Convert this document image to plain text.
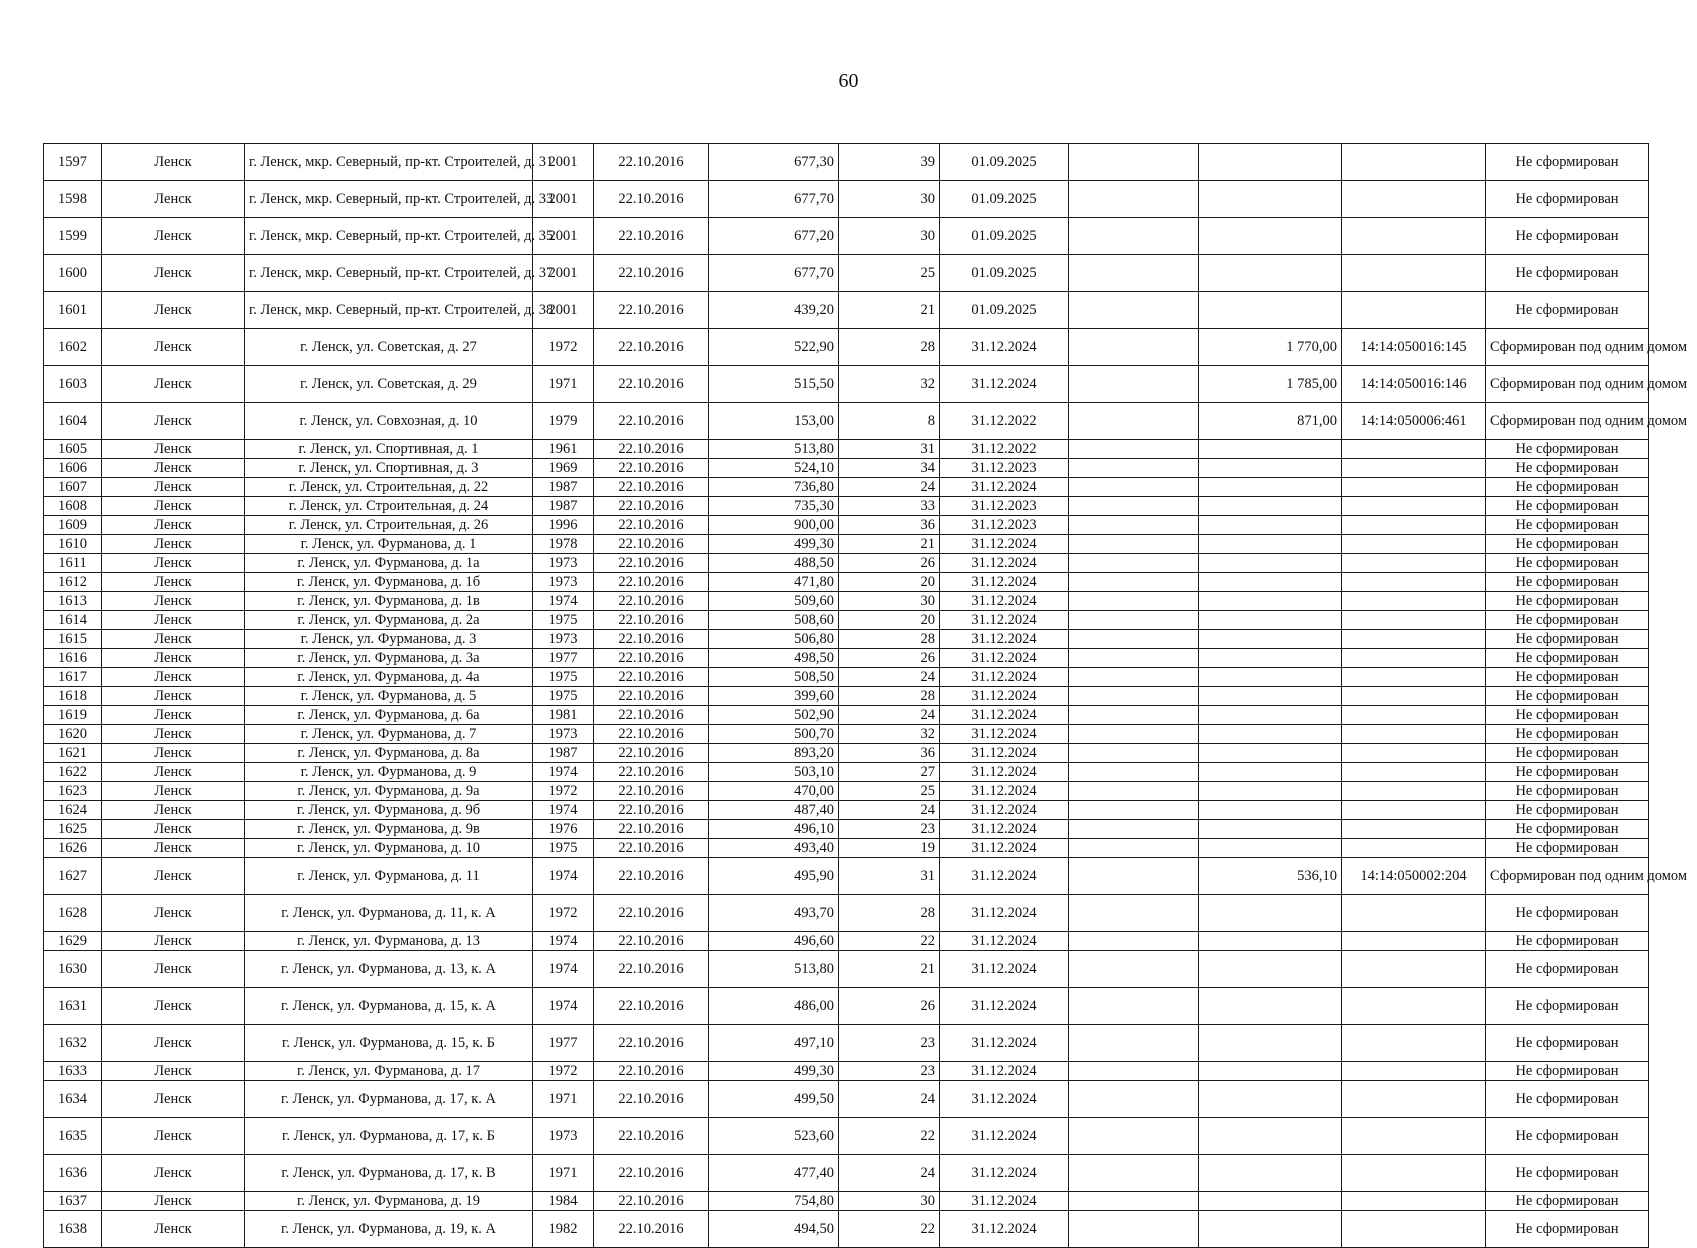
60
1597	Ленск	г. Ленск, мкр. Северный, пр-кт. Строителей, д. 31	2001	22.10.2016	677,30	39	01.09.2025				Не сформирован
1598	Ленск	г. Ленск, мкр. Северный, пр-кт. Строителей, д. 33	2001	22.10.2016	677,70	30	01.09.2025				Не сформирован
1599	Ленск	г. Ленск, мкр. Северный, пр-кт. Строителей, д. 35	2001	22.10.2016	677,20	30	01.09.2025				Не сформирован
1600	Ленск	г. Ленск, мкр. Северный, пр-кт. Строителей, д. 37	2001	22.10.2016	677,70	25	01.09.2025				Не сформирован
1601	Ленск	г. Ленск, мкр. Северный, пр-кт. Строителей, д. 38	2001	22.10.2016	439,20	21	01.09.2025				Не сформирован
1602	Ленск	г. Ленск, ул. Советская, д. 27	1972	22.10.2016	522,90	28	31.12.2024		1 770,00	14:14:050016:145	Сформирован под одним домом
1603	Ленск	г. Ленск, ул. Советская, д. 29	1971	22.10.2016	515,50	32	31.12.2024		1 785,00	14:14:050016:146	Сформирован под одним домом
1604	Ленск	г. Ленск, ул. Совхозная, д. 10	1979	22.10.2016	153,00	8	31.12.2022		871,00	14:14:050006:461	Сформирован под одним домом
1605	Ленск	г. Ленск, ул. Спортивная, д. 1	1961	22.10.2016	513,80	31	31.12.2022				Не сформирован
1606	Ленск	г. Ленск, ул. Спортивная, д. 3	1969	22.10.2016	524,10	34	31.12.2023				Не сформирован
1607	Ленск	г. Ленск, ул. Строительная, д. 22	1987	22.10.2016	736,80	24	31.12.2024				Не сформирован
1608	Ленск	г. Ленск, ул. Строительная, д. 24	1987	22.10.2016	735,30	33	31.12.2023				Не сформирован
1609	Ленск	г. Ленск, ул. Строительная, д. 26	1996	22.10.2016	900,00	36	31.12.2023				Не сформирован
1610	Ленск	г. Ленск, ул. Фурманова, д. 1	1978	22.10.2016	499,30	21	31.12.2024				Не сформирован
1611	Ленск	г. Ленск, ул. Фурманова, д. 1а	1973	22.10.2016	488,50	26	31.12.2024				Не сформирован
1612	Ленск	г. Ленск, ул. Фурманова, д. 1б	1973	22.10.2016	471,80	20	31.12.2024				Не сформирован
1613	Ленск	г. Ленск, ул. Фурманова, д. 1в	1974	22.10.2016	509,60	30	31.12.2024				Не сформирован
1614	Ленск	г. Ленск, ул. Фурманова, д. 2а	1975	22.10.2016	508,60	20	31.12.2024				Не сформирован
1615	Ленск	г. Ленск, ул. Фурманова, д. 3	1973	22.10.2016	506,80	28	31.12.2024				Не сформирован
1616	Ленск	г. Ленск, ул. Фурманова, д. 3а	1977	22.10.2016	498,50	26	31.12.2024				Не сформирован
1617	Ленск	г. Ленск, ул. Фурманова, д. 4а	1975	22.10.2016	508,50	24	31.12.2024				Не сформирован
1618	Ленск	г. Ленск, ул. Фурманова, д. 5	1975	22.10.2016	399,60	28	31.12.2024				Не сформирован
1619	Ленск	г. Ленск, ул. Фурманова, д. 6а	1981	22.10.2016	502,90	24	31.12.2024				Не сформирован
1620	Ленск	г. Ленск, ул. Фурманова, д. 7	1973	22.10.2016	500,70	32	31.12.2024				Не сформирован
1621	Ленск	г. Ленск, ул. Фурманова, д. 8а	1987	22.10.2016	893,20	36	31.12.2024				Не сформирован
1622	Ленск	г. Ленск, ул. Фурманова, д. 9	1974	22.10.2016	503,10	27	31.12.2024				Не сформирован
1623	Ленск	г. Ленск, ул. Фурманова, д. 9а	1972	22.10.2016	470,00	25	31.12.2024				Не сформирован
1624	Ленск	г. Ленск, ул. Фурманова, д. 9б	1974	22.10.2016	487,40	24	31.12.2024				Не сформирован
1625	Ленск	г. Ленск, ул. Фурманова, д. 9в	1976	22.10.2016	496,10	23	31.12.2024				Не сформирован
1626	Ленск	г. Ленск, ул. Фурманова, д. 10	1975	22.10.2016	493,40	19	31.12.2024				Не сформирован
1627	Ленск	г. Ленск, ул. Фурманова, д. 11	1974	22.10.2016	495,90	31	31.12.2024		536,10	14:14:050002:204	Сформирован под одним домом
1628	Ленск	г. Ленск, ул. Фурманова, д. 11, к. А	1972	22.10.2016	493,70	28	31.12.2024				Не сформирован
1629	Ленск	г. Ленск, ул. Фурманова, д. 13	1974	22.10.2016	496,60	22	31.12.2024				Не сформирован
1630	Ленск	г. Ленск, ул. Фурманова, д. 13, к. А	1974	22.10.2016	513,80	21	31.12.2024				Не сформирован
1631	Ленск	г. Ленск, ул. Фурманова, д. 15, к. А	1974	22.10.2016	486,00	26	31.12.2024				Не сформирован
1632	Ленск	г. Ленск, ул. Фурманова, д. 15, к. Б	1977	22.10.2016	497,10	23	31.12.2024				Не сформирован
1633	Ленск	г. Ленск, ул. Фурманова, д. 17	1972	22.10.2016	499,30	23	31.12.2024				Не сформирован
1634	Ленск	г. Ленск, ул. Фурманова, д. 17, к. А	1971	22.10.2016	499,50	24	31.12.2024				Не сформирован
1635	Ленск	г. Ленск, ул. Фурманова, д. 17, к. Б	1973	22.10.2016	523,60	22	31.12.2024				Не сформирован
1636	Ленск	г. Ленск, ул. Фурманова, д. 17, к. В	1971	22.10.2016	477,40	24	31.12.2024				Не сформирован
1637	Ленск	г. Ленск, ул. Фурманова, д. 19	1984	22.10.2016	754,80	30	31.12.2024				Не сформирован
1638	Ленск	г. Ленск, ул. Фурманова, д. 19, к. А	1982	22.10.2016	494,50	22	31.12.2024				Не сформирован
